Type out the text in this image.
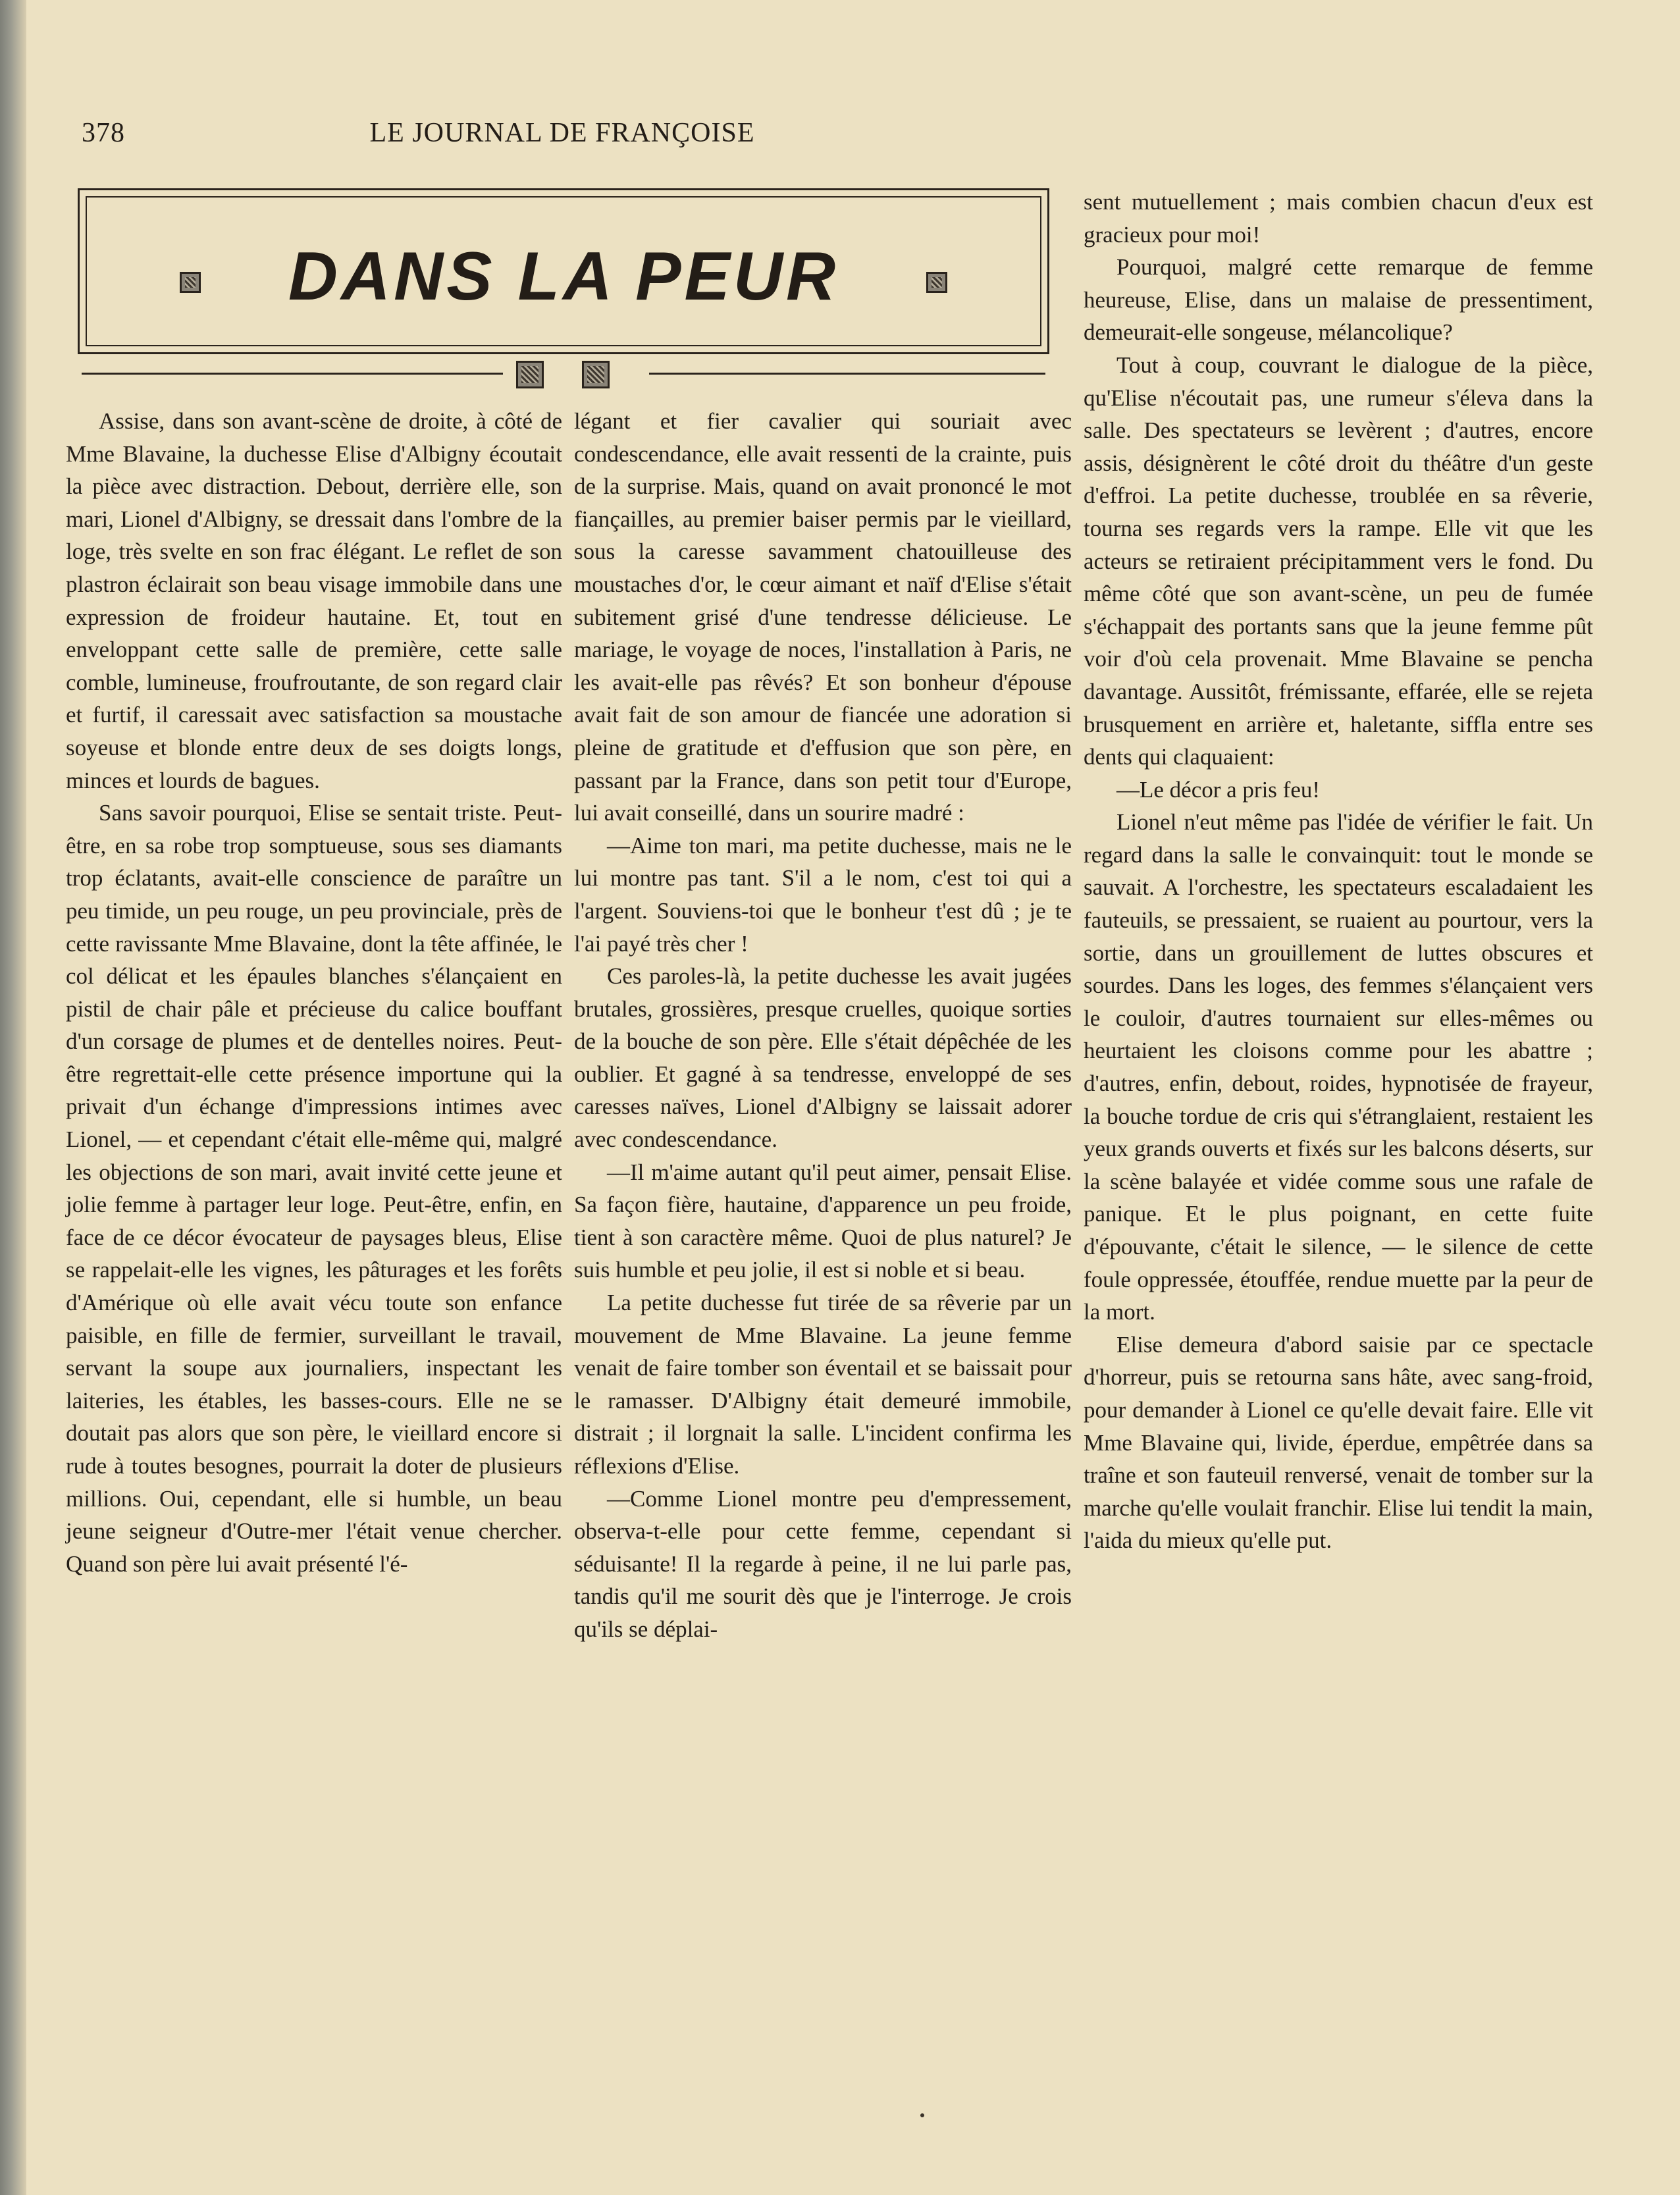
378	LE JOURNAL DE FRANÇOISE
DANS LA PEUR

Assise, dans son avant-scène de droite, à côté de Mme Blavaine, la duchesse Elise d'Albigny écoutait la pièce avec distraction. Debout, derrière elle, son mari, Lionel d'Albigny, se dressait dans l'ombre de la loge, très svelte en son frac élégant. Le reflet de son plastron éclairait son beau visage immobile dans une expression de froideur hautaine. Et, tout en enveloppant cette salle de première, cette salle comble, lumineuse, froufroutante, de son regard clair et furtif, il caressait avec satisfaction sa moustache soyeuse et blonde entre deux de ses doigts longs, minces et lourds de bagues.

Sans savoir pourquoi, Elise se sentait triste. Peut-être, en sa robe trop somptueuse, sous ses diamants trop éclatants, avait-elle conscience de paraître un peu timide, un peu rouge, un peu provinciale, près de cette ravissante Mme Blavaine, dont la tête affinée, le col délicat et les épaules blanches s'élançaient en pistil de chair pâle et précieuse du calice bouffant d'un corsage de plumes et de dentelles noires. Peut-être regrettait-elle cette présence importune qui la privait d'un échange d'impressions intimes avec Lionel, — et cependant c'était elle-même qui, malgré les objections de son mari, avait invité cette jeune et jolie femme à partager leur loge. Peut-être, enfin, en face de ce décor évocateur de paysages bleus, Elise se rappelait-elle les vignes, les pâturages et les forêts d'Amérique où elle avait vécu toute son enfance paisible, en fille de fermier, surveillant le travail, servant la soupe aux journaliers, inspectant les laiteries, les étables, les basses-cours. Elle ne se doutait pas alors que son père, le vieillard encore si rude à toutes besognes, pourrait la doter de plusieurs millions. Oui, cependant, elle si humble, un beau jeune seigneur d'Outre-mer l'était venue chercher. Quand son père lui avait présenté l'é-

légant et fier cavalier qui souriait avec condescendance, elle avait ressenti de la crainte, puis de la surprise. Mais, quand on avait prononcé le mot fiançailles, au premier baiser permis par le vieillard, sous la caresse savamment chatouilleuse des moustaches d'or, le cœur aimant et naïf d'Elise s'était subitement grisé d'une tendresse délicieuse. Le mariage, le voyage de noces, l'installation à Paris, ne les avait-elle pas rêvés? Et son bonheur d'épouse avait fait de son amour de fiancée une adoration si pleine de gratitude et d'effusion que son père, en passant par la France, dans son petit tour d'Europe, lui avait conseillé, dans un sourire madré :

—Aime ton mari, ma petite duchesse, mais ne le lui montre pas tant. S'il a le nom, c'est toi qui a l'argent. Souviens-toi que le bonheur t'est dû ; je te l'ai payé très cher !

Ces paroles-là, la petite duchesse les avait jugées brutales, grossières, presque cruelles, quoique sorties de la bouche de son père. Elle s'était dépêchée de les oublier. Et gagné à sa tendresse, enveloppé de ses caresses naïves, Lionel d'Albigny se laissait adorer avec condescendance.

—Il m'aime autant qu'il peut aimer, pensait Elise. Sa façon fière, hautaine, d'apparence un peu froide, tient à son caractère même. Quoi de plus naturel? Je suis humble et peu jolie, il est si noble et si beau.

La petite duchesse fut tirée de sa rêverie par un mouvement de Mme Blavaine. La jeune femme venait de faire tomber son éventail et se baissait pour le ramasser. D'Albigny était demeuré immobile, distrait ; il lorgnait la salle. L'incident confirma les réflexions d'Elise.

—Comme Lionel montre peu d'empressement, observa-t-elle pour cette femme, cependant si séduisante! Il la regarde à peine, il ne lui parle pas, tandis qu'il me sourit dès que je l'interroge. Je crois qu'ils se déplai-

sent mutuellement ; mais combien chacun d'eux est gracieux pour moi!

Pourquoi, malgré cette remarque de femme heureuse, Elise, dans un malaise de pressentiment, demeurait-elle songeuse, mélancolique?

Tout à coup, couvrant le dialogue de la pièce, qu'Elise n'écoutait pas, une rumeur s'éleva dans la salle. Des spectateurs se levèrent ; d'autres, encore assis, désignèrent le côté droit du théâtre d'un geste d'effroi. La petite duchesse, troublée en sa rêverie, tourna ses regards vers la rampe. Elle vit que les acteurs se retiraient précipitamment vers le fond. Du même côté que son avant-scène, un peu de fumée s'échappait des portants sans que la jeune femme pût voir d'où cela provenait. Mme Blavaine se pencha davantage. Aussitôt, frémissante, effarée, elle se rejeta brusquement en arrière et, haletante, siffla entre ses dents qui claquaient:

—Le décor a pris feu!

Lionel n'eut même pas l'idée de vérifier le fait. Un regard dans la salle le convainquit: tout le monde se sauvait. A l'orchestre, les spectateurs escaladaient les fauteuils, se pressaient, se ruaient au pourtour, vers la sortie, dans un grouillement de luttes obscures et sourdes. Dans les loges, des femmes s'élançaient vers le couloir, d'autres tournaient sur elles-mêmes ou heurtaient les cloisons comme pour les abattre ; d'autres, enfin, debout, roides, hypnotisée de frayeur, la bouche tordue de cris qui s'étranglaient, restaient les yeux grands ouverts et fixés sur les balcons déserts, sur la scène balayée et vidée comme sous une rafale de panique. Et le plus poignant, en cette fuite d'épouvante, c'était le silence, — le silence de cette foule oppressée, étouffée, rendue muette par la peur de la mort.

Elise demeura d'abord saisie par ce spectacle d'horreur, puis se retourna sans hâte, avec sang-froid, pour demander à Lionel ce qu'elle devait faire. Elle vit Mme Blavaine qui, livide, éperdue, empêtrée dans sa traîne et son fauteuil renversé, venait de tomber sur la marche qu'elle voulait franchir. Elise lui tendit la main, l'aida du mieux qu'elle put.
